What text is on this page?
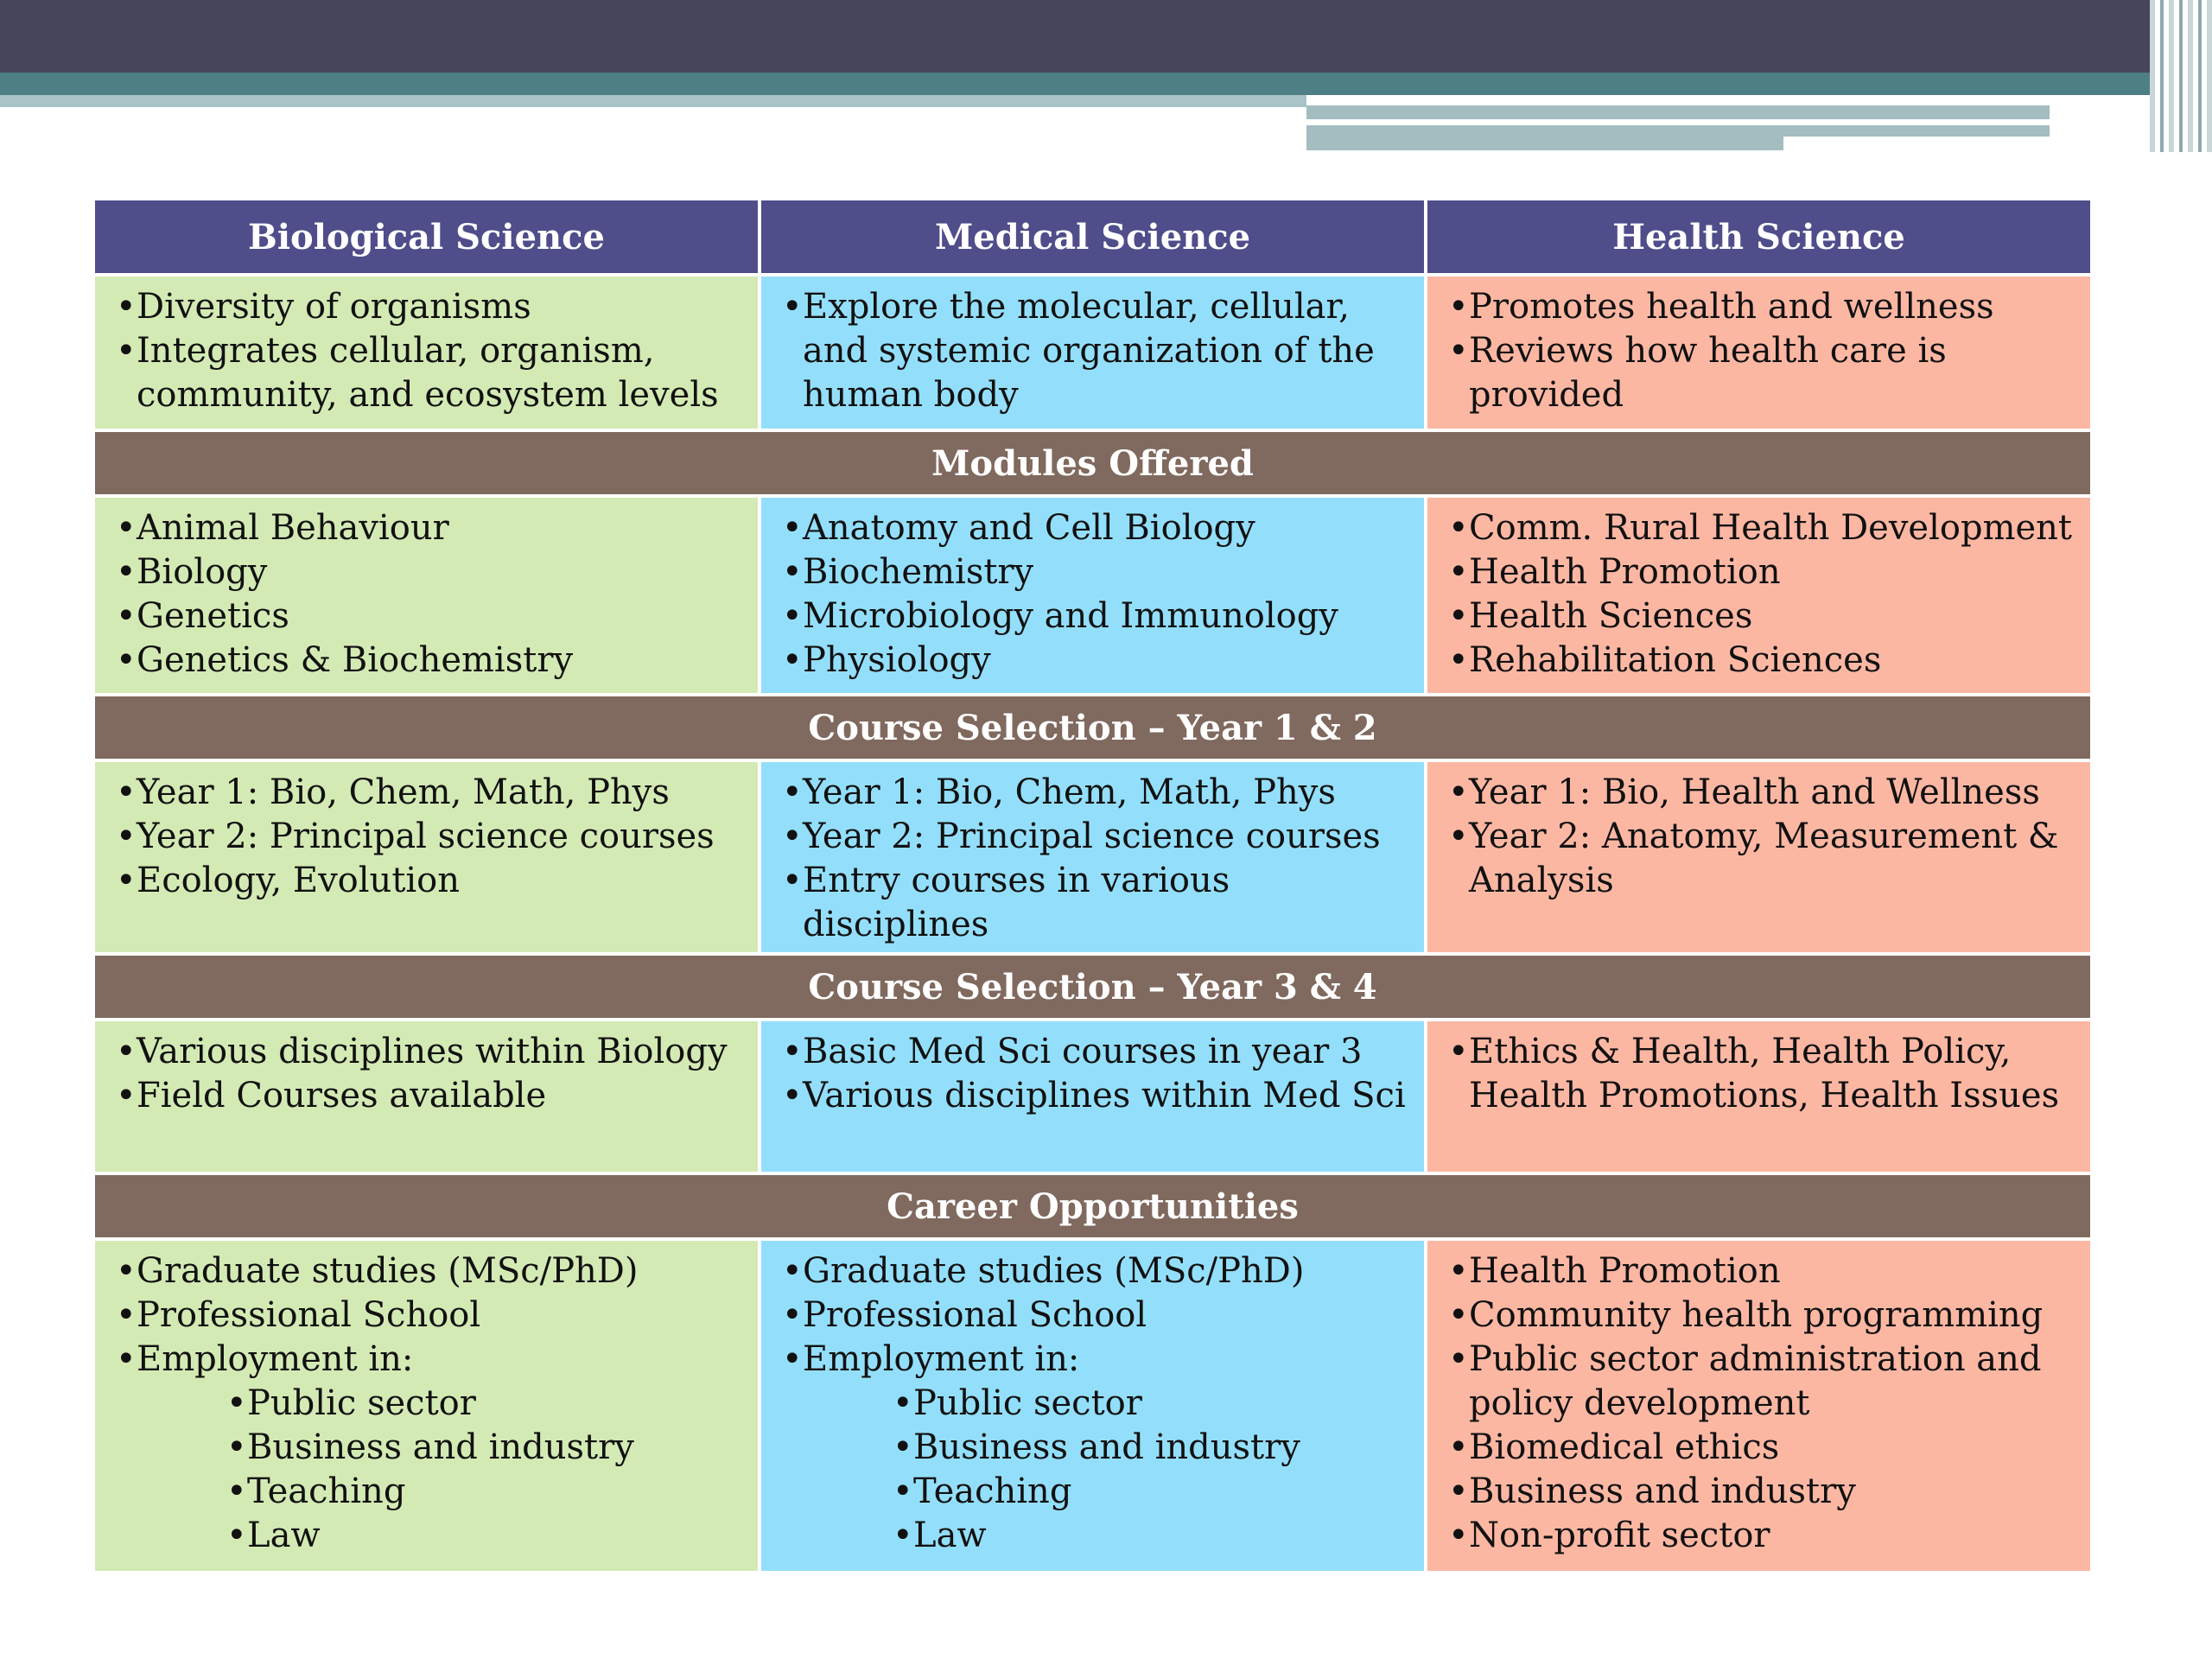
Biological Science	Medical Science	Health Science
• Diversity of organisms
• Integrates cellular, organism, community, and ecosystem levels
• Explore the molecular, cellular, and systemic organization of the human body
• Promotes health and wellness
• Reviews how health care is provided
Modules Offered
• Animal Behaviour
• Biology
• Genetics
• Genetics & Biochemistry
• Anatomy and Cell Biology
• Biochemistry
• Microbiology and Immunology
• Physiology
• Comm. Rural Health Development
• Health Promotion
• Health Sciences
• Rehabilitation Sciences
Course Selection – Year 1 & 2
• Year 1: Bio, Chem, Math, Phys
• Year 2: Principal science courses
• Ecology, Evolution
• Year 1: Bio, Chem, Math, Phys
• Year 2: Principal science courses
• Entry courses in various disciplines
• Year 1: Bio, Health and Wellness
• Year 2: Anatomy, Measurement & Analysis
Course Selection – Year 3 & 4
• Various disciplines within Biology
• Field Courses available
• Basic Med Sci courses in year 3
• Various disciplines within Med Sci
• Ethics & Health, Health Policy, Health Promotions, Health Issues
Career Opportunities
• Graduate studies (MSc/PhD)
• Professional School
• Employment in:
• Public sector
• Business and industry
• Teaching
• Law
• Graduate studies (MSc/PhD)
• Professional School
• Employment in:
• Public sector
• Business and industry
• Teaching
• Law
• Health Promotion
• Community health programming
• Public sector administration and policy development
• Biomedical ethics
• Business and industry
• Non-profit sector
